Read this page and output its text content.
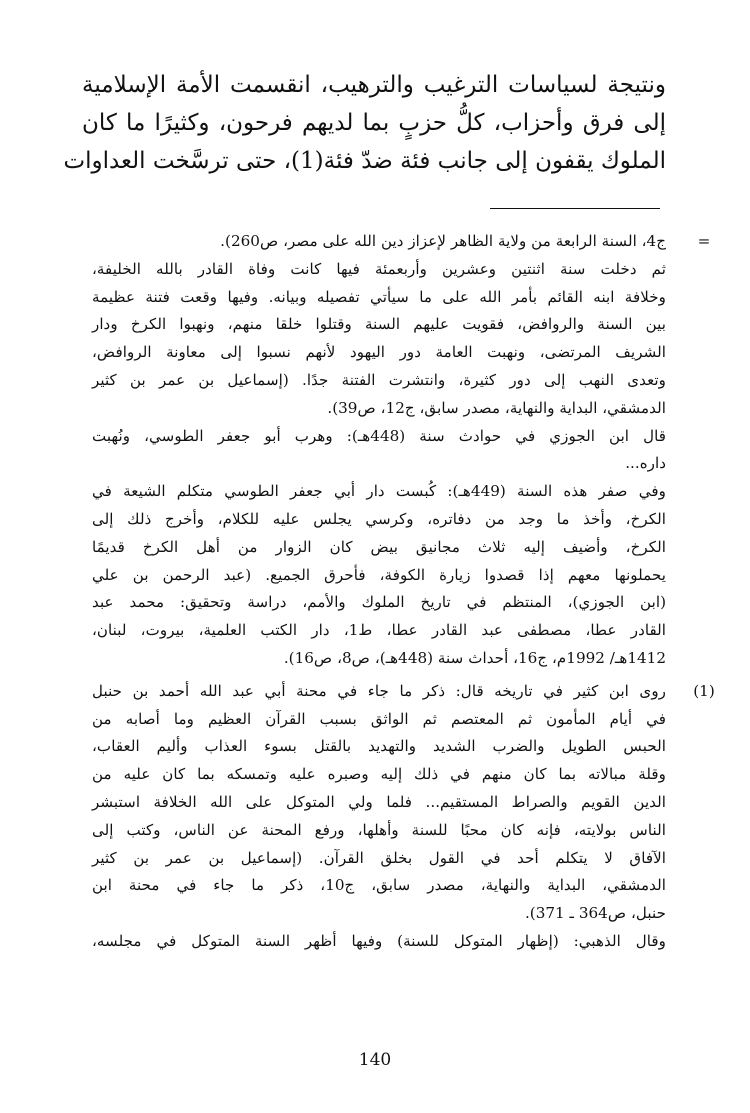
ونتيجة لسياسات الترغيب والترهيب، انقسمت الأمة الإسلامية
إلى فرق وأحزاب، كلُّ حزبٍ بما لديهم فرحون، وكثيرًا ما كان
الملوك يقفون إلى جانب فئة ضدّ فئة(1)، حتى ترسَّخت العداوات
=
ج4، السنة الرابعة من ولاية الظاهر لإعزاز دين الله على مصر، ص260).
ثم دخلت سنة اثنتين وعشرين وأربعمئة فيها كانت وفاة القادر بالله الخليفة،
وخلافة ابنه القائم بأمر الله على ما سيأتي تفصيله وبيانه. وفيها وقعت فتنة عظيمة
بين السنة والروافض، فقويت عليهم السنة وقتلوا خلقا منهم، ونهبوا الكرخ ودار
الشريف المرتضى، ونهبت العامة دور اليهود لأنهم نسبوا إلى معاونة الروافض،
وتعدى النهب إلى دور كثيرة، وانتشرت الفتنة جدًا. (إسماعيل بن عمر بن كثير
الدمشقي، البداية والنهاية، مصدر سابق، ج12، ص39).
قال ابن الجوزي في حوادث سنة (448هـ): وهرب أبو جعفر الطوسي، ونُهبت
داره...
وفي صفر هذه السنة (449هـ): كُبست دار أبي جعفر الطوسي متكلم الشيعة في
الكرخ، وأخذ ما وجد من دفاتره، وكرسي يجلس عليه للكلام، وأخرج ذلك إلى
الكرخ، وأضيف إليه ثلاث مجانيق بيض كان الزوار من أهل الكرخ قديمًا
يحملونها معهم إذا قصدوا زيارة الكوفة، فأحرق الجميع. (عبد الرحمن بن علي
(ابن الجوزي)، المنتظم في تاريخ الملوك والأمم، دراسة وتحقيق: محمد عبد
القادر عطا، مصطفى عبد القادر عطا، ط1، دار الكتب العلمية، بيروت، لبنان،
1412هـ/ 1992م، ج16، أحداث سنة (448هـ)، ص8، ص16).
(1)
روى ابن كثير في تاريخه قال: ذكر ما جاء في محنة أبي عبد الله أحمد بن حنبل
في أيام المأمون ثم المعتصم ثم الواثق بسبب القرآن العظيم وما أصابه من
الحبس الطويل والضرب الشديد والتهديد بالقتل بسوء العذاب وأليم العقاب،
وقلة مبالاته بما كان منهم في ذلك إليه وصبره عليه وتمسكه بما كان عليه من
الدين القويم والصراط المستقيم... فلما ولي المتوكل على الله الخلافة استبشر
الناس بولايته، فإنه كان محبًا للسنة وأهلها، ورفع المحنة عن الناس، وكتب إلى
الآفاق لا يتكلم أحد في القول بخلق القرآن. (إسماعيل بن عمر بن كثير
الدمشقي، البداية والنهاية، مصدر سابق، ج10، ذكر ما جاء في محنة ابن
حنبل، ص364 ـ 371).
وقال الذهبي: (إظهار المتوكل للسنة) وفيها أظهر السنة المتوكل في مجلسه،
140
